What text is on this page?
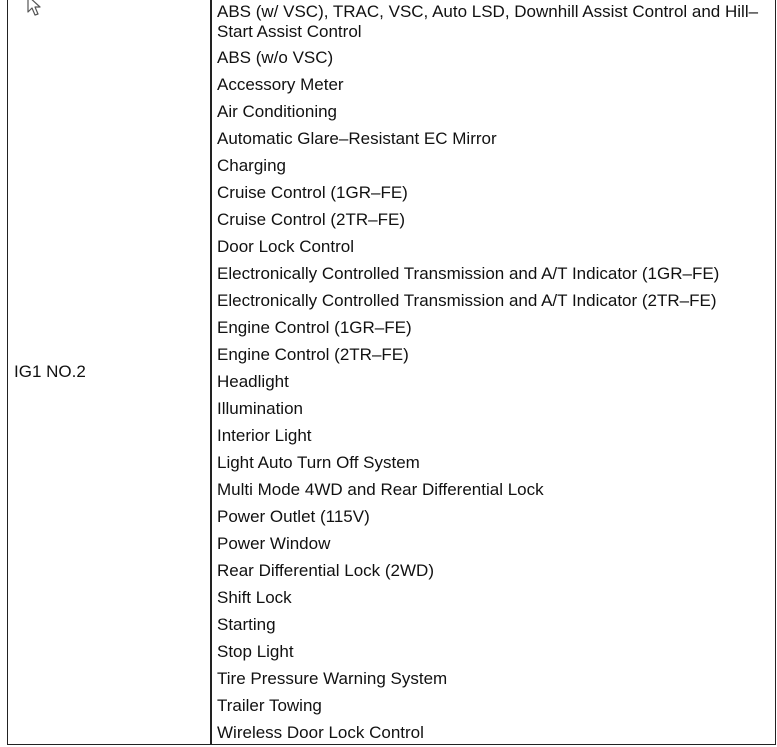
IG1 NO.2
ABS (w/ VSC), TRAC, VSC, Auto LSD, Downhill Assist Control and Hill–Start Assist Control
ABS (w/o VSC)
Accessory Meter
Air Conditioning
Automatic Glare–Resistant EC Mirror
Charging
Cruise Control (1GR–FE)
Cruise Control (2TR–FE)
Door Lock Control
Electronically Controlled Transmission and A/T Indicator (1GR–FE)
Electronically Controlled Transmission and A/T Indicator (2TR–FE)
Engine Control (1GR–FE)
Engine Control (2TR–FE)
Headlight
Illumination
Interior Light
Light Auto Turn Off System
Multi Mode 4WD and Rear Differential Lock
Power Outlet (115V)
Power Window
Rear Differential Lock (2WD)
Shift Lock
Starting
Stop Light
Tire Pressure Warning System
Trailer Towing
Wireless Door Lock Control
